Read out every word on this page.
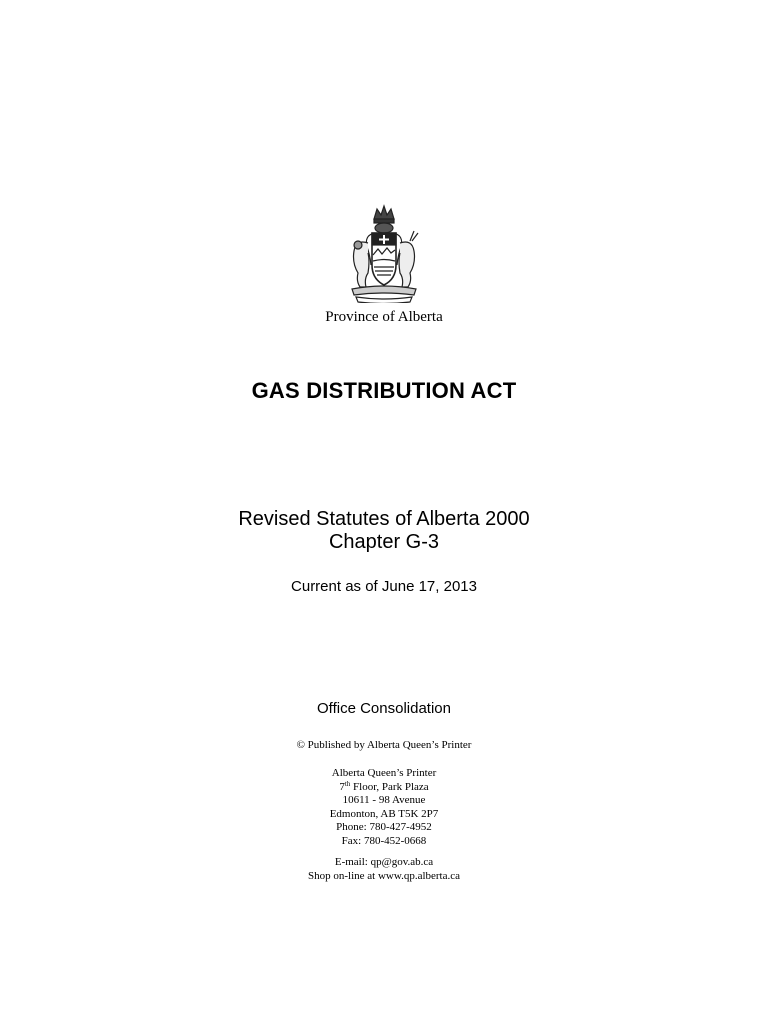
Province of Alberta
GAS DISTRIBUTION ACT
Revised Statutes of Alberta 2000
Chapter G-3
Current as of June 17, 2013
Office Consolidation
© Published by Alberta Queen’s Printer
Alberta Queen’s Printer
7th Floor, Park Plaza
10611 - 98 Avenue
Edmonton, AB T5K 2P7
Phone: 780-427-4952
Fax: 780-452-0668
E-mail: qp@gov.ab.ca
Shop on-line at www.qp.alberta.ca
